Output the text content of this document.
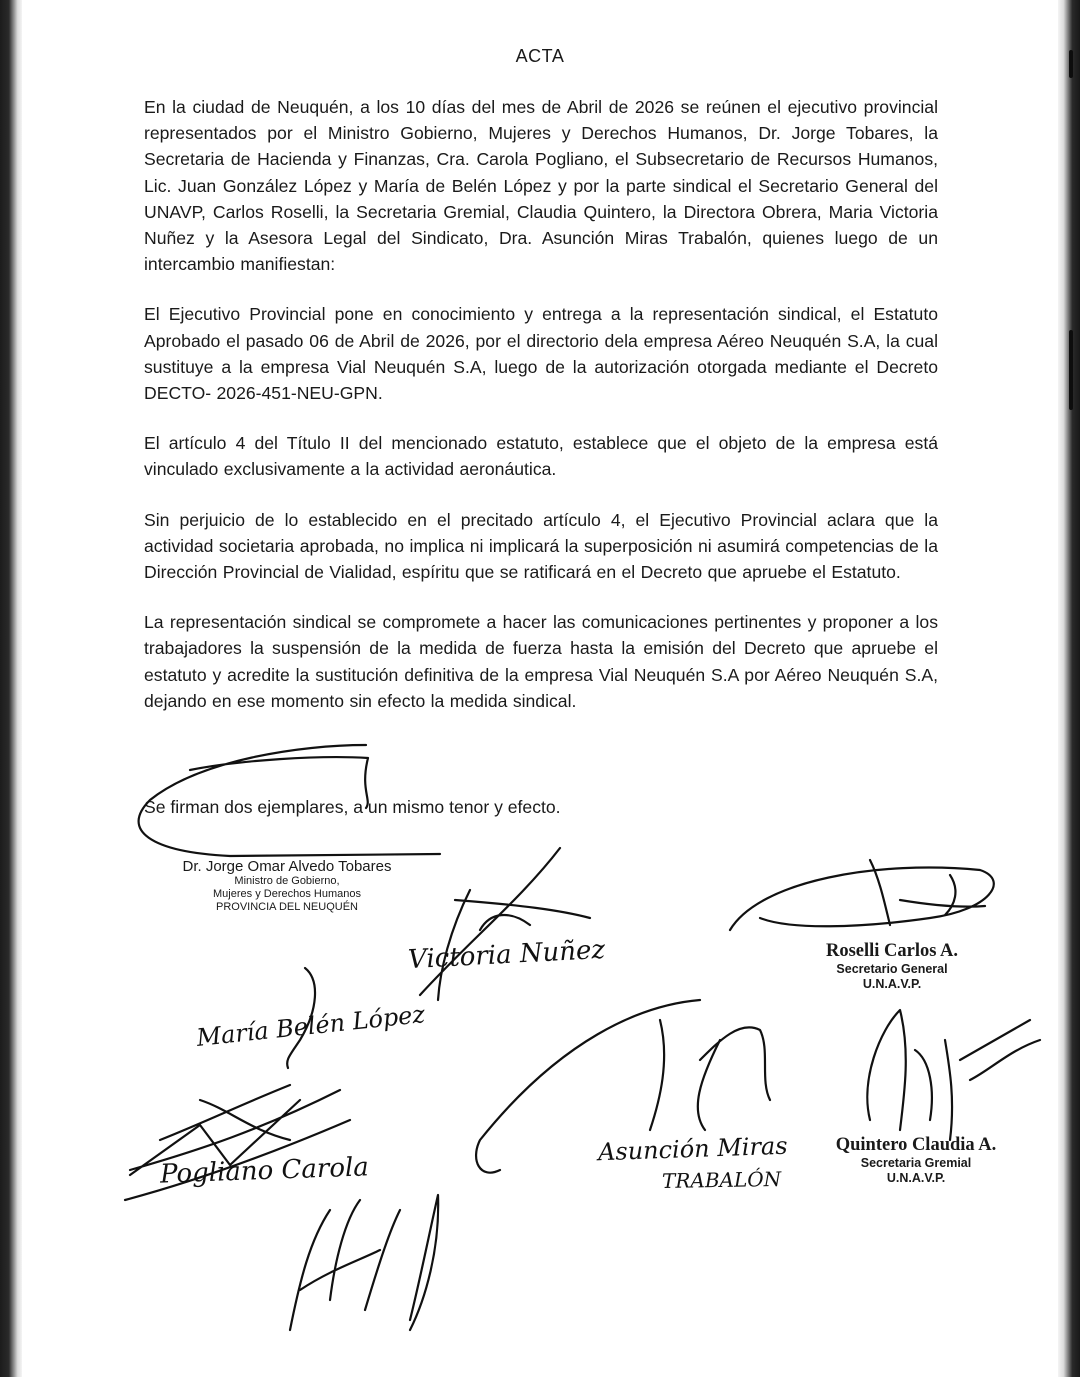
ACTA

En la ciudad de Neuquén, a los 10 días del mes de Abril de 2026 se reúnen el ejecutivo provincial representados por el Ministro Gobierno, Mujeres y Derechos Humanos, Dr. Jorge Tobares, la Secretaria de Hacienda y Finanzas, Cra. Carola Pogliano, el Subsecretario de Recursos Humanos, Lic. Juan González López y María de Belén López y por la parte sindical el Secretario General del UNAVP, Carlos Roselli, la Secretaria Gremial, Claudia Quintero, la Directora Obrera, Maria Victoria Nuñez y la Asesora Legal del Sindicato, Dra. Asunción Miras Trabalón, quienes luego de un intercambio manifiestan:

El Ejecutivo Provincial pone en conocimiento y entrega a la representación sindical, el Estatuto Aprobado el pasado 06 de Abril de 2026, por el directorio dela empresa Aéreo Neuquén S.A, la cual sustituye a la empresa Vial Neuquén S.A, luego de la autorización otorgada mediante el Decreto DECTO- 2026-451-NEU-GPN.

El artículo 4 del Título II del mencionado estatuto, establece que el objeto de la empresa está vinculado exclusivamente a la actividad aeronáutica.

Sin perjuicio de lo establecido en el precitado artículo 4, el Ejecutivo Provincial aclara que la actividad societaria aprobada, no implica ni implicará la superposición ni asumirá competencias de la Dirección Provincial de Vialidad, espíritu que se ratificará en el Decreto que apruebe el Estatuto.

La representación sindical se compromete a hacer las comunicaciones pertinentes y proponer a los trabajadores la suspensión de la medida de fuerza hasta la emisión del Decreto que apruebe el estatuto y acredite la sustitución definitiva de la empresa Vial Neuquén S.A por Aéreo Neuquén S.A, dejando en ese momento sin efecto la medida sindical.

Se firman dos ejemplares, a un mismo tenor y efecto.
Dr. Jorge Omar Alvedo Tobares
Ministro de Gobierno,
Mujeres y Derechos Humanos
PROVINCIA DEL NEUQUÉN
Roselli Carlos A.
Secretario General
U.N.A.V.P.
Quintero Claudia A.
Secretaria Gremial
U.N.A.V.P.
Victoria Nuñez
María Belén López
Pogliano Carola
Asunción Miras
TRABALÓN
